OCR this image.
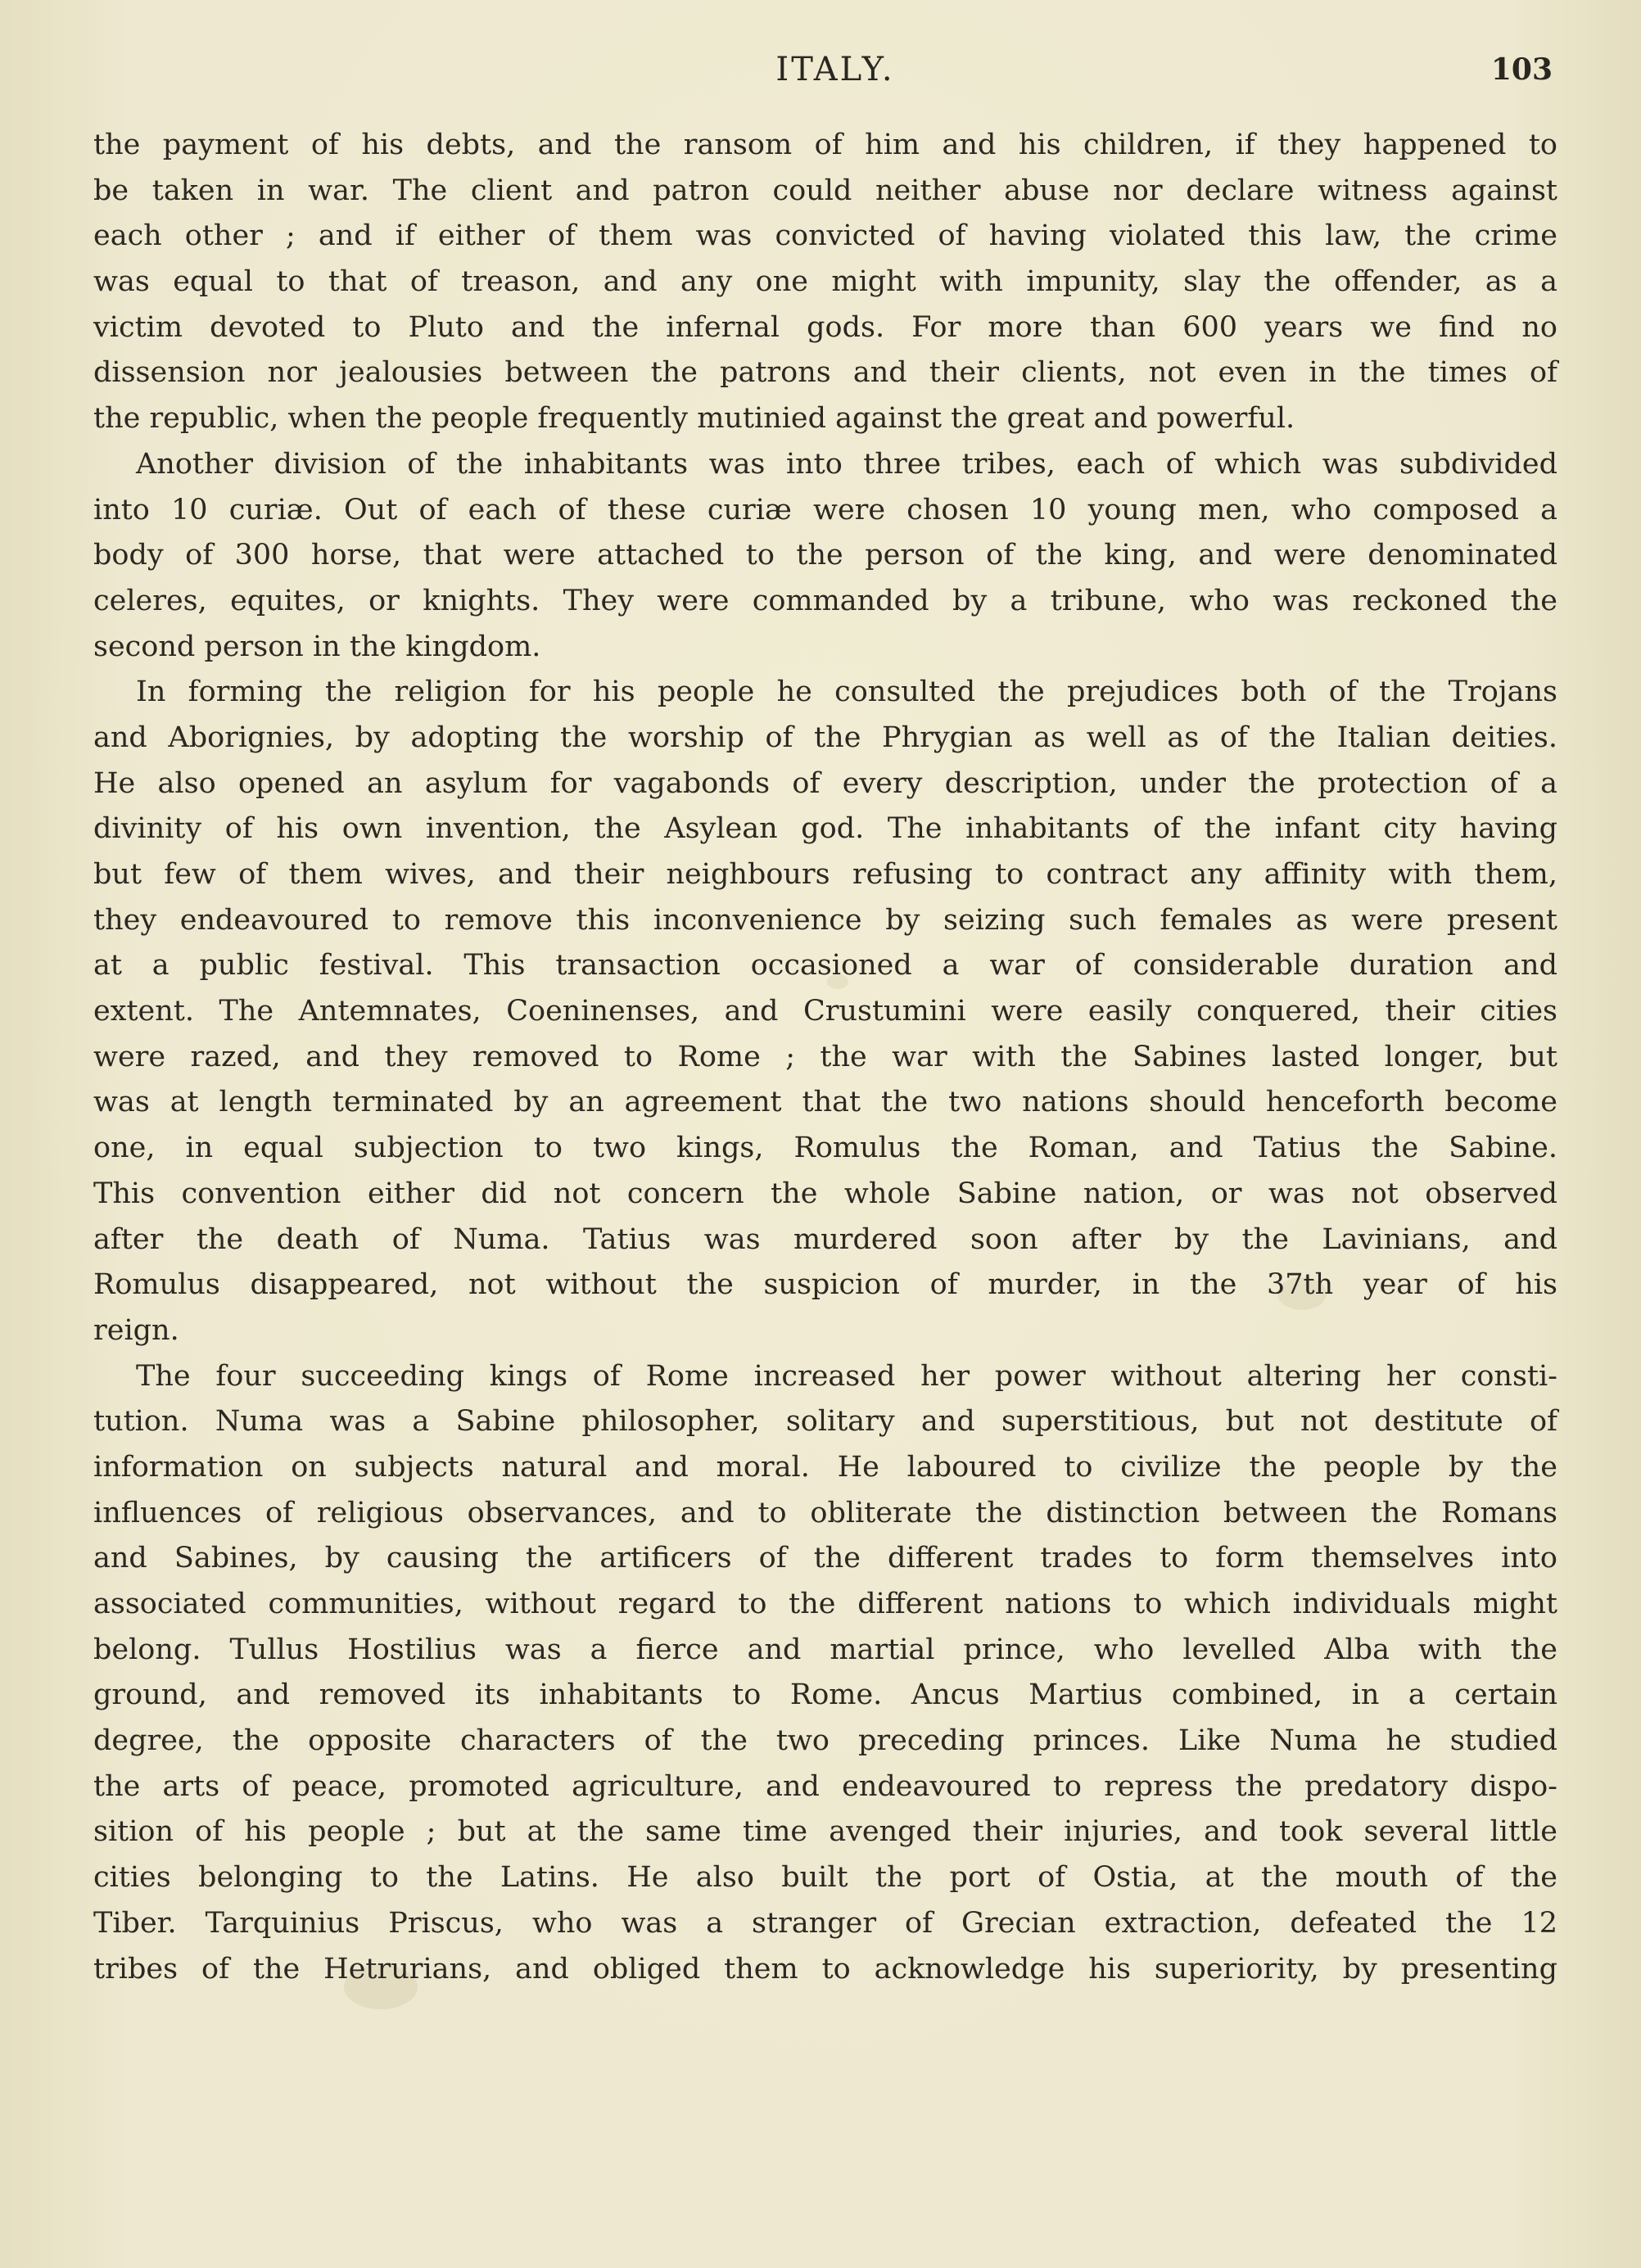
ITALY.	103
the payment of his debts, and the ransom of him and his children, if they happened to
be taken in war. The client and patron could neither abuse nor declare witness against
each other ; and if either of them was convicted of having violated this law, the crime
was equal to that of treason, and any one might with impunity, slay the offender, as a
victim devoted to Pluto and the infernal gods. For more than 600 years we find no
dissension nor jealousies between the patrons and their clients, not even in the times of
the republic, when the people frequently mutinied against the great and powerful.
Another division of the inhabitants was into three tribes, each of which was subdivided
into 10 curiæ. Out of each of these curiæ were chosen 10 young men, who composed a
body of 300 horse, that were attached to the person of the king, and were denominated
celeres, equites, or knights. They were commanded by a tribune, who was reckoned the
second person in the kingdom.
In forming the religion for his people he consulted the prejudices both of the Trojans
and Aborignies, by adopting the worship of the Phrygian as well as of the Italian deities.
He also opened an asylum for vagabonds of every description, under the protection of a
divinity of his own invention, the Asylean god. The inhabitants of the infant city having
but few of them wives, and their neighbours refusing to contract any affinity with them,
they endeavoured to remove this inconvenience by seizing such females as were present
at a public festival. This transaction occasioned a war of considerable duration and
extent. The Antemnates, Coeninenses, and Crustumini were easily conquered, their cities
were razed, and they removed to Rome ; the war with the Sabines lasted longer, but
was at length terminated by an agreement that the two nations should henceforth become
one, in equal subjection to two kings, Romulus the Roman, and Tatius the Sabine.
This convention either did not concern the whole Sabine nation, or was not observed
after the death of Numa. Tatius was murdered soon after by the Lavinians, and
Romulus disappeared, not without the suspicion of murder, in the 37th year of his
reign.
The four succeeding kings of Rome increased her power without altering her consti-
tution. Numa was a Sabine philosopher, solitary and superstitious, but not destitute of
information on subjects natural and moral. He laboured to civilize the people by the
influences of religious observances, and to obliterate the distinction between the Romans
and Sabines, by causing the artificers of the different trades to form themselves into
associated communities, without regard to the different nations to which individuals might
belong. Tullus Hostilius was a fierce and martial prince, who levelled Alba with the
ground, and removed its inhabitants to Rome. Ancus Martius combined, in a certain
degree, the opposite characters of the two preceding princes. Like Numa he studied
the arts of peace, promoted agriculture, and endeavoured to repress the predatory dispo-
sition of his people ; but at the same time avenged their injuries, and took several little
cities belonging to the Latins. He also built the port of Ostia, at the mouth of the
Tiber. Tarquinius Priscus, who was a stranger of Grecian extraction, defeated the 12
tribes of the Hetrurians, and obliged them to acknowledge his superiority, by presenting
